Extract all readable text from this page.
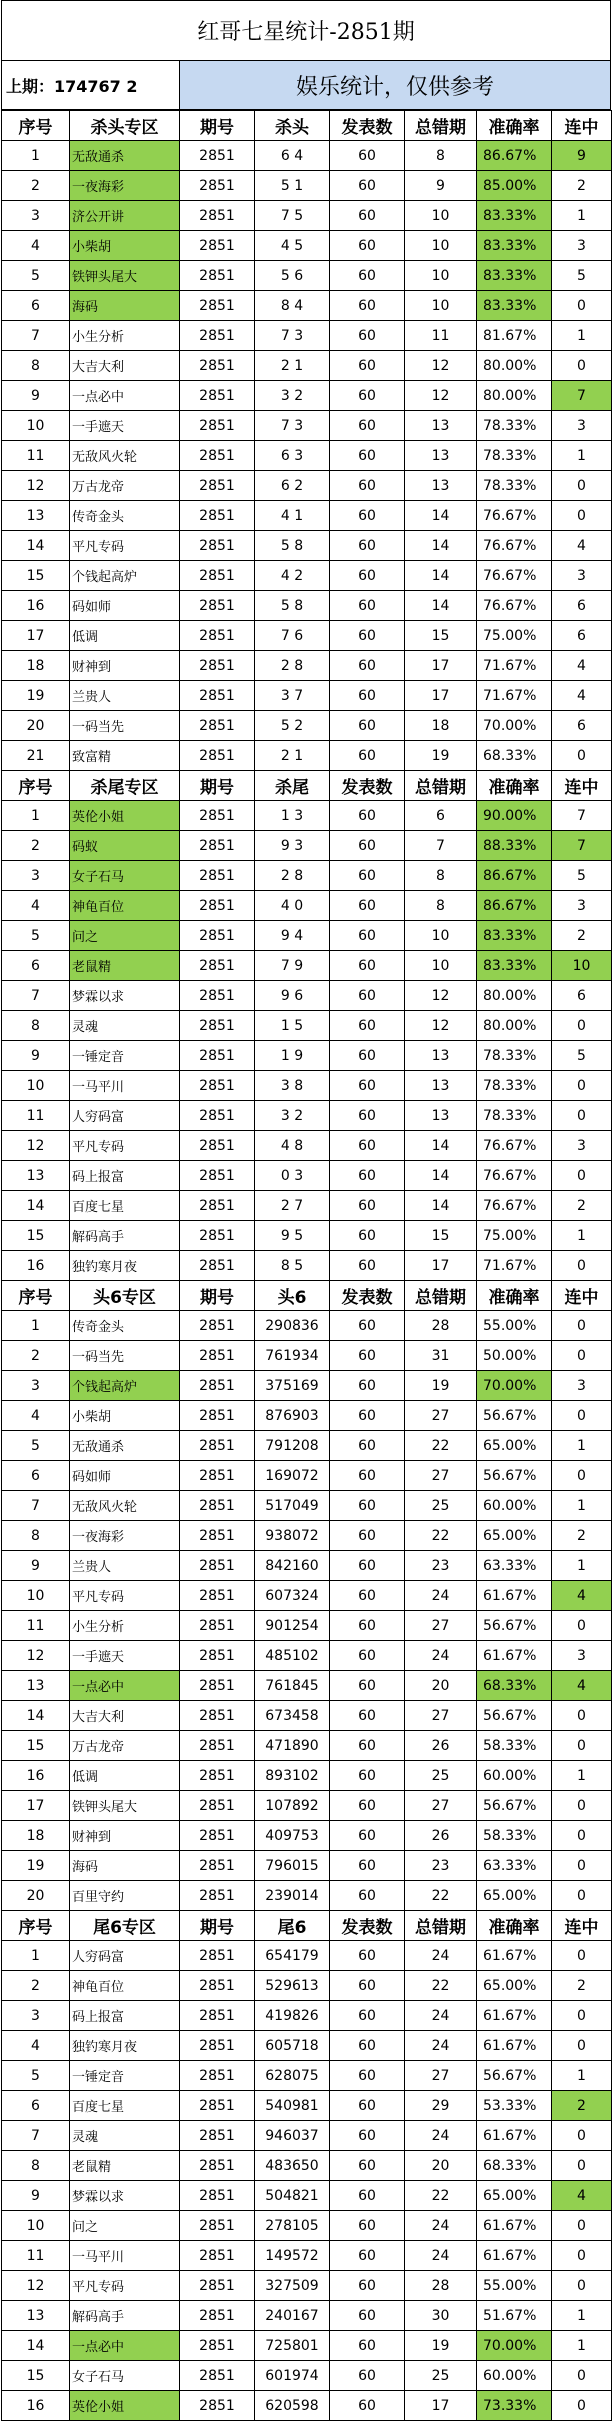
红哥七星统计-2851期
上期：174767 2	娱乐统计，仅供参考
序号	杀头专区	期号	杀头	发表数	总错期	准确率	连中
1	无敌通杀	2851	6 4	60	8	86.67%	9
2	一夜海彩	2851	5 1	60	9	85.00%	2
3	济公开讲	2851	7 5	60	10	83.33%	1
4	小柴胡	2851	4 5	60	10	83.33%	3
5	铁钾头尾大	2851	5 6	60	10	83.33%	5
6	海码	2851	8 4	60	10	83.33%	0
7	小生分析	2851	7 3	60	11	81.67%	1
8	大吉大利	2851	2 1	60	12	80.00%	0
9	一点必中	2851	3 2	60	12	80.00%	7
10	一手遮天	2851	7 3	60	13	78.33%	3
11	无敌风火轮	2851	6 3	60	13	78.33%	1
12	万古龙帝	2851	6 2	60	13	78.33%	0
13	传奇金头	2851	4 1	60	14	76.67%	0
14	平凡专码	2851	5 8	60	14	76.67%	4
15	个钱起高炉	2851	4 2	60	14	76.67%	3
16	码如师	2851	5 8	60	14	76.67%	6
17	低调	2851	7 6	60	15	75.00%	6
18	财神到	2851	2 8	60	17	71.67%	4
19	兰贵人	2851	3 7	60	17	71.67%	4
20	一码当先	2851	5 2	60	18	70.00%	6
21	致富精	2851	2 1	60	19	68.33%	0
序号	杀尾专区	期号	杀尾	发表数	总错期	准确率	连中
1	英伦小姐	2851	1 3	60	6	90.00%	7
2	码蚁	2851	9 3	60	7	88.33%	7
3	女子石马	2851	2 8	60	8	86.67%	5
4	神龟百位	2851	4 0	60	8	86.67%	3
5	问之	2851	9 4	60	10	83.33%	2
6	老鼠精	2851	7 9	60	10	83.33%	10
7	梦霖以求	2851	9 6	60	12	80.00%	6
8	灵魂	2851	1 5	60	12	80.00%	0
9	一锤定音	2851	1 9	60	13	78.33%	5
10	一马平川	2851	3 8	60	13	78.33%	0
11	人穷码富	2851	3 2	60	13	78.33%	0
12	平凡专码	2851	4 8	60	14	76.67%	3
13	码上报富	2851	0 3	60	14	76.67%	0
14	百度七星	2851	2 7	60	14	76.67%	2
15	解码高手	2851	9 5	60	15	75.00%	1
16	独钓寒月夜	2851	8 5	60	17	71.67%	0
序号	头6专区	期号	头6	发表数	总错期	准确率	连中
1	传奇金头	2851	290836	60	28	55.00%	0
2	一码当先	2851	761934	60	31	50.00%	0
3	个钱起高炉	2851	375169	60	19	70.00%	3
4	小柴胡	2851	876903	60	27	56.67%	0
5	无敌通杀	2851	791208	60	22	65.00%	1
6	码如师	2851	169072	60	27	56.67%	0
7	无敌风火轮	2851	517049	60	25	60.00%	1
8	一夜海彩	2851	938072	60	22	65.00%	2
9	兰贵人	2851	842160	60	23	63.33%	1
10	平凡专码	2851	607324	60	24	61.67%	4
11	小生分析	2851	901254	60	27	56.67%	0
12	一手遮天	2851	485102	60	24	61.67%	3
13	一点必中	2851	761845	60	20	68.33%	4
14	大吉大利	2851	673458	60	27	56.67%	0
15	万古龙帝	2851	471890	60	26	58.33%	0
16	低调	2851	893102	60	25	60.00%	1
17	铁钾头尾大	2851	107892	60	27	56.67%	0
18	财神到	2851	409753	60	26	58.33%	0
19	海码	2851	796015	60	23	63.33%	0
20	百里守约	2851	239014	60	22	65.00%	0
序号	尾6专区	期号	尾6	发表数	总错期	准确率	连中
1	人穷码富	2851	654179	60	24	61.67%	0
2	神龟百位	2851	529613	60	22	65.00%	2
3	码上报富	2851	419826	60	24	61.67%	0
4	独钓寒月夜	2851	605718	60	24	61.67%	0
5	一锤定音	2851	628075	60	27	56.67%	1
6	百度七星	2851	540981	60	29	53.33%	2
7	灵魂	2851	946037	60	24	61.67%	0
8	老鼠精	2851	483650	60	20	68.33%	0
9	梦霖以求	2851	504821	60	22	65.00%	4
10	问之	2851	278105	60	24	61.67%	0
11	一马平川	2851	149572	60	24	61.67%	0
12	平凡专码	2851	327509	60	28	55.00%	0
13	解码高手	2851	240167	60	30	51.67%	1
14	一点必中	2851	725801	60	19	70.00%	1
15	女子石马	2851	601974	60	25	60.00%	0
16	英伦小姐	2851	620598	60	17	73.33%	0
